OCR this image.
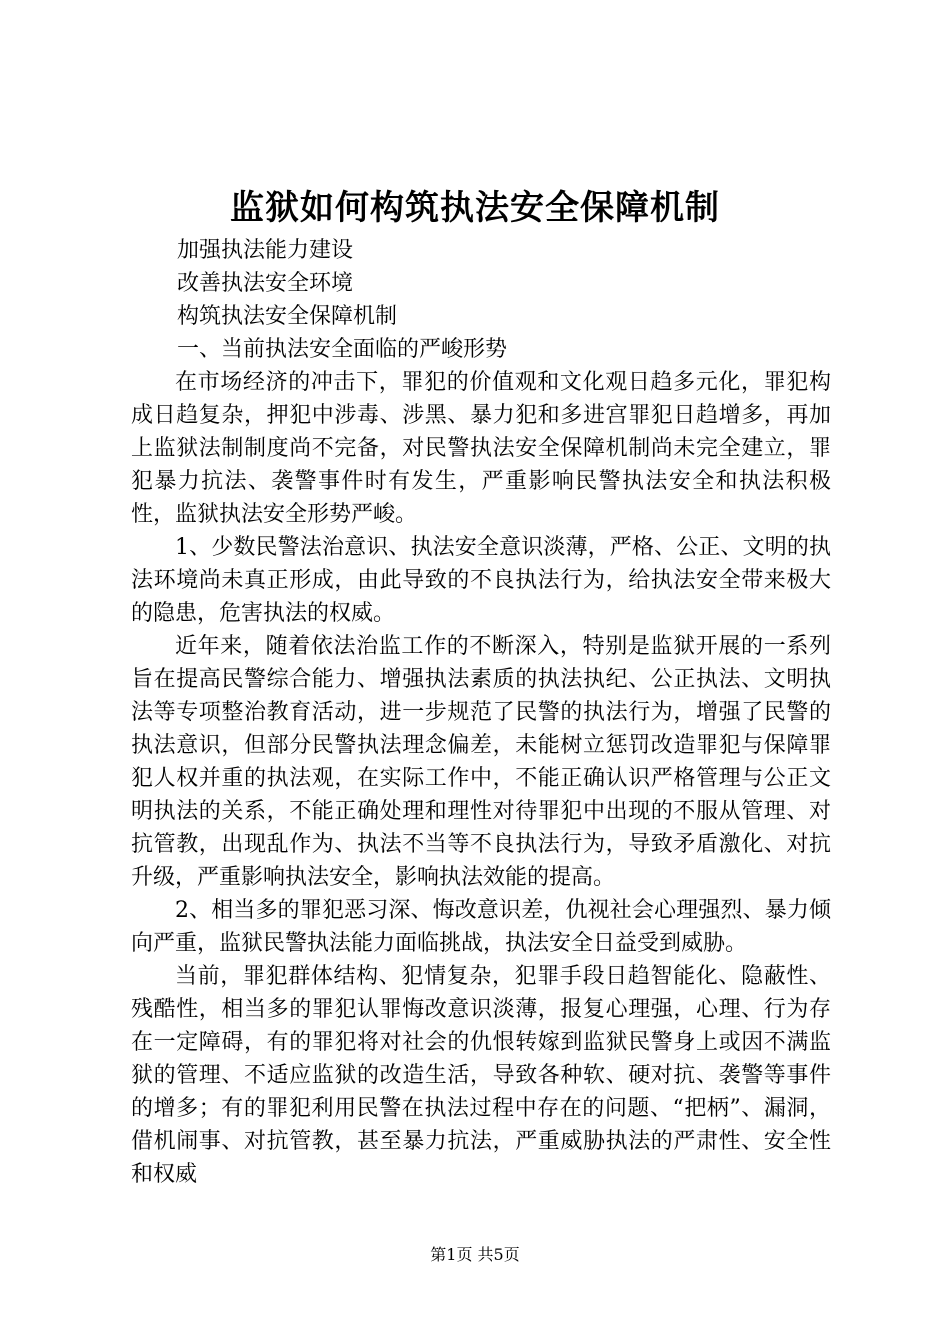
监狱如何构筑执法安全保障机制

加强执法能力建设

改善执法安全环境

构筑执法安全保障机制

一、当前执法安全面临的严峻形势

在市场经济的冲击下，罪犯的价值观和文化观日趋多元化，罪犯构成日趋复杂，押犯中涉毒、涉黑、暴力犯和多进宫罪犯日趋增多，再加上监狱法制制度尚不完备，对民警执法安全保障机制尚未完全建立，罪犯暴力抗法、袭警事件时有发生，严重影响民警执法安全和执法积极性，监狱执法安全形势严峻。

1、少数民警法治意识、执法安全意识淡薄，严格、公正、文明的执法环境尚未真正形成，由此导致的不良执法行为，给执法安全带来极大的隐患，危害执法的权威。

近年来，随着依法治监工作的不断深入，特别是监狱开展的一系列旨在提高民警综合能力、增强执法素质的执法执纪、公正执法、文明执法等专项整治教育活动，进一步规范了民警的执法行为，增强了民警的执法意识，但部分民警执法理念偏差，未能树立惩罚改造罪犯与保障罪犯人权并重的执法观，在实际工作中，不能正确认识严格管理与公正文明执法的关系，不能正确处理和理性对待罪犯中出现的不服从管理、对抗管教，出现乱作为、执法不当等不良执法行为，导致矛盾激化、对抗升级，严重影响执法安全，影响执法效能的提高。

2、相当多的罪犯恶习深、悔改意识差，仇视社会心理强烈、暴力倾向严重，监狱民警执法能力面临挑战，执法安全日益受到威胁。

当前，罪犯群体结构、犯情复杂，犯罪手段日趋智能化、隐蔽性、残酷性，相当多的罪犯认罪悔改意识淡薄，报复心理强，心理、行为存在一定障碍，有的罪犯将对社会的仇恨转嫁到监狱民警身上或因不满监狱的管理、不适应监狱的改造生活，导致各种软、硬对抗、袭警等事件的增多；有的罪犯利用民警在执法过程中存在的问题、“把柄”、漏洞，借机闹事、对抗管教，甚至暴力抗法，严重威胁执法的严肃性、安全性和权威

第1页 共5页
